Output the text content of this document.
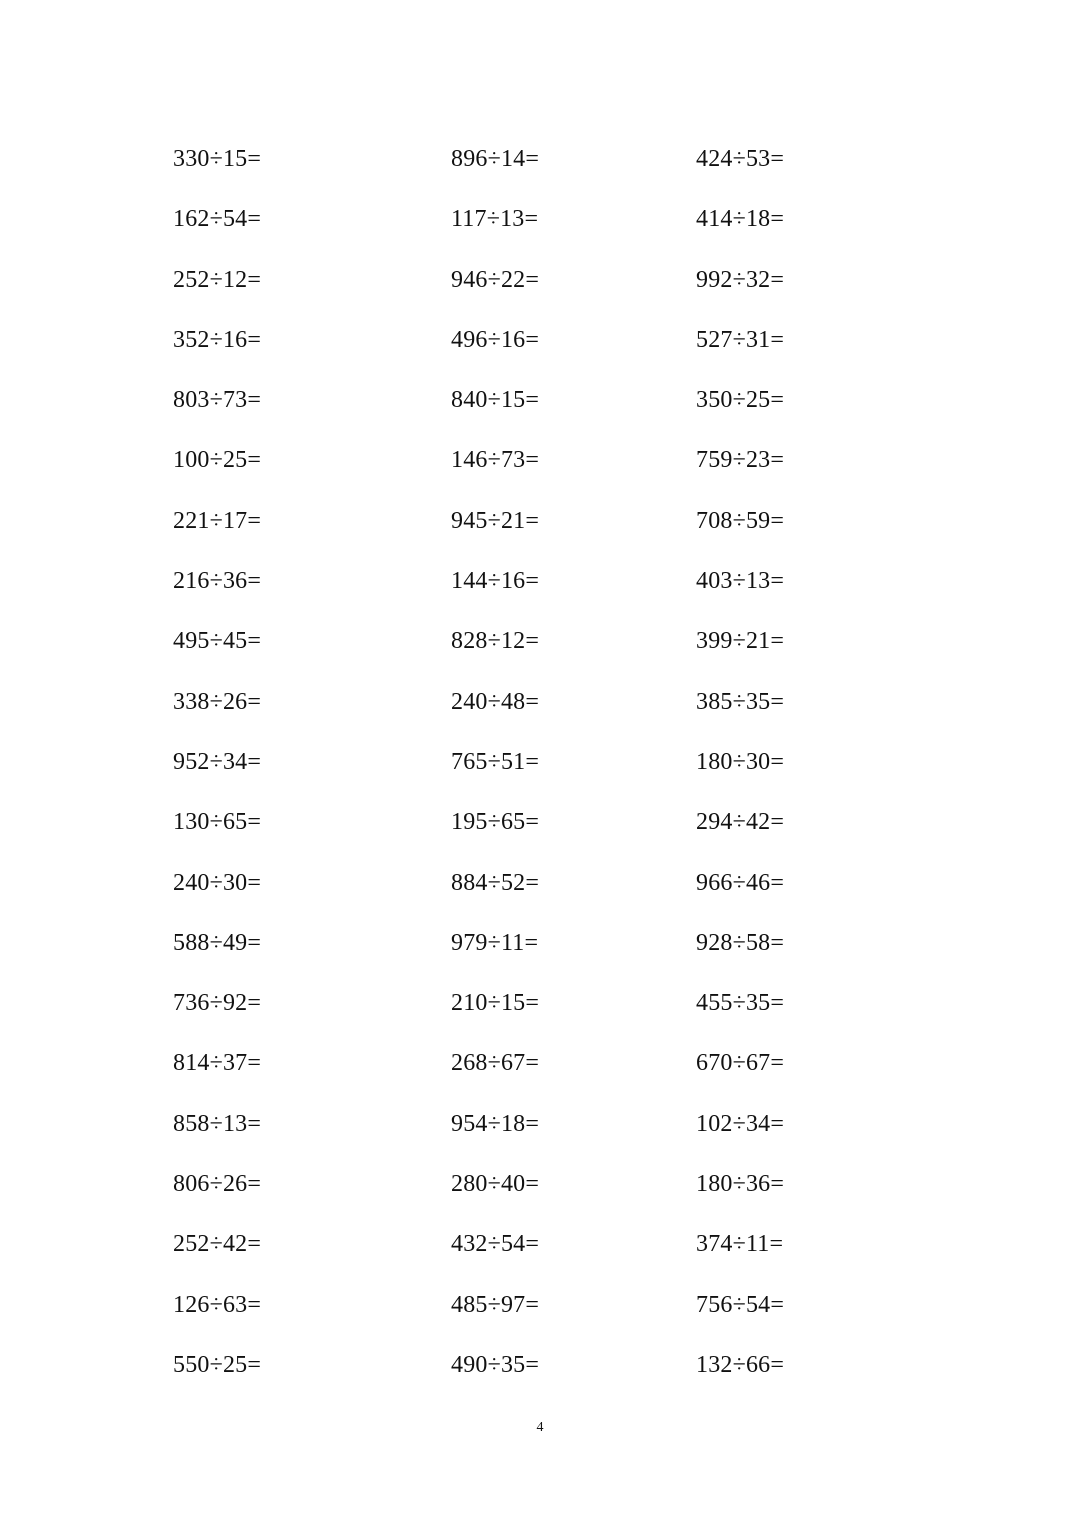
330÷15=	896÷14=	424÷53=
162÷54=	117÷13=	414÷18=
252÷12=	946÷22=	992÷32=
352÷16=	496÷16=	527÷31=
803÷73=	840÷15=	350÷25=
100÷25=	146÷73=	759÷23=
221÷17=	945÷21=	708÷59=
216÷36=	144÷16=	403÷13=
495÷45=	828÷12=	399÷21=
338÷26=	240÷48=	385÷35=
952÷34=	765÷51=	180÷30=
130÷65=	195÷65=	294÷42=
240÷30=	884÷52=	966÷46=
588÷49=	979÷11=	928÷58=
736÷92=	210÷15=	455÷35=
814÷37=	268÷67=	670÷67=
858÷13=	954÷18=	102÷34=
806÷26=	280÷40=	180÷36=
252÷42=	432÷54=	374÷11=
126÷63=	485÷97=	756÷54=
550÷25=	490÷35=	132÷66=
4
